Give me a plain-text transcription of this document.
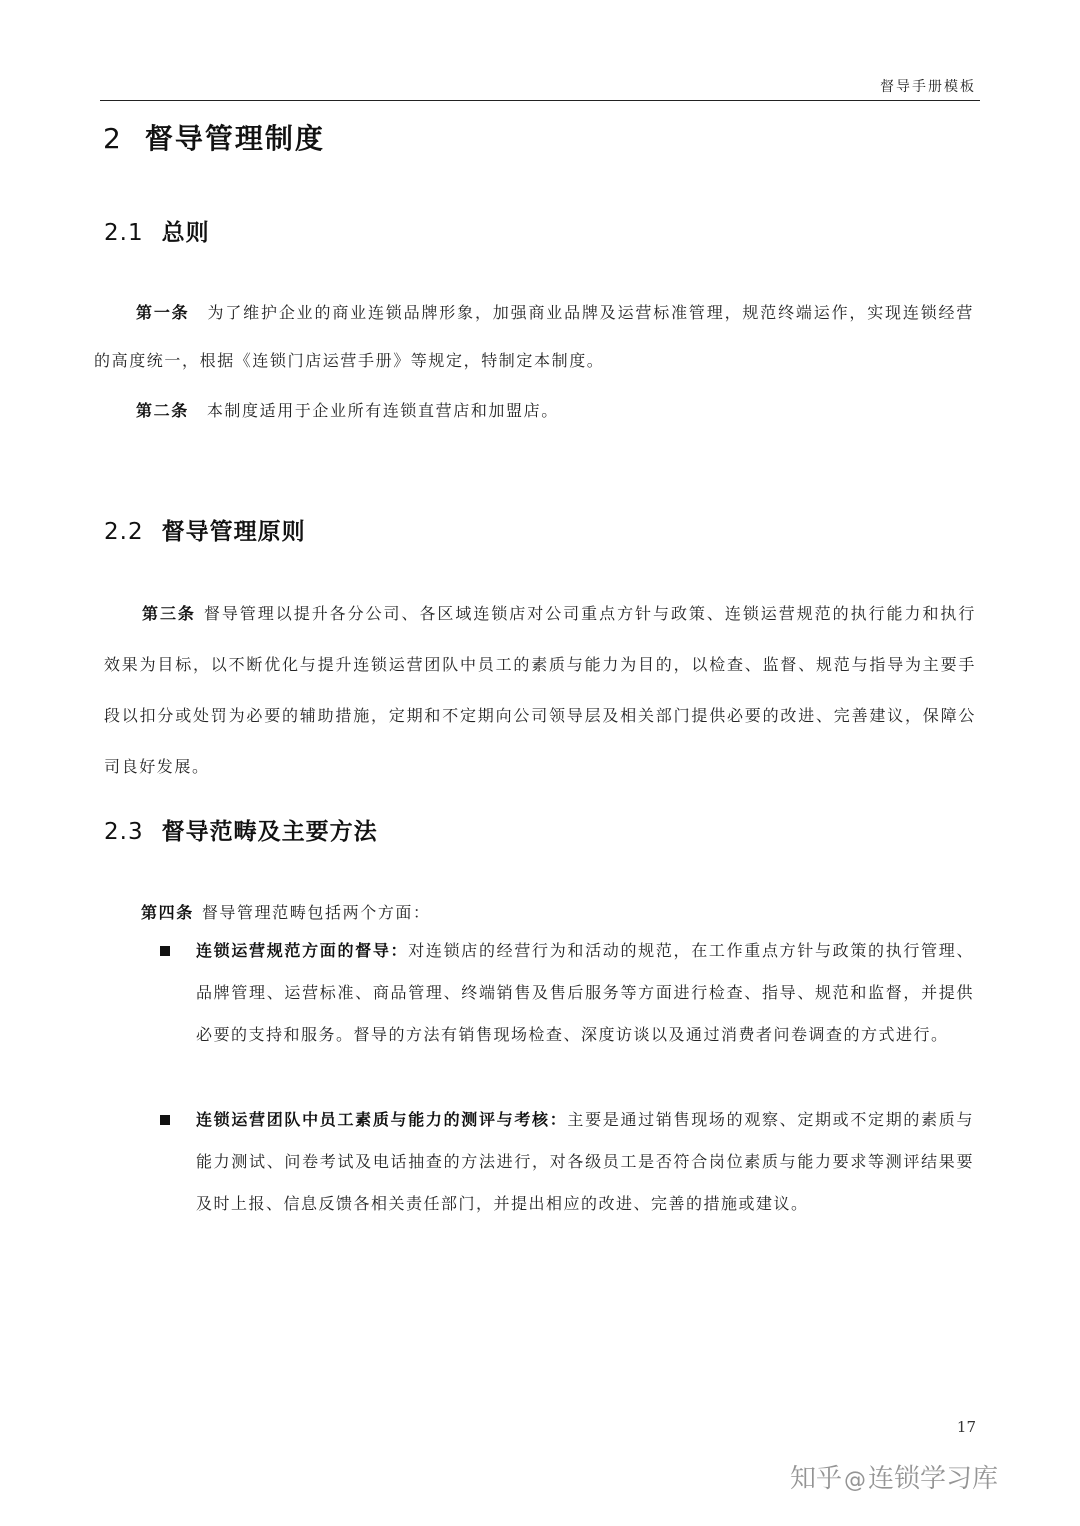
督导手册模板
2 督导管理制度
2.1 总则
第一条 为了维护企业的商业连锁品牌形象，加强商业品牌及运营标准管理，规范终端运作，实现连锁经营的高度统一，根据《连锁门店运营手册》等规定，特制定本制度。
第二条 本制度适用于企业所有连锁直营店和加盟店。
2.2 督导管理原则
第三条 督导管理以提升各分公司、各区域连锁店对公司重点方针与政策、连锁运营规范的执行能力和执行效果为目标，以不断优化与提升连锁运营团队中员工的素质与能力为目的，以检查、监督、规范与指导为主要手段以扣分或处罚为必要的辅助措施，定期和不定期向公司领导层及相关部门提供必要的改进、完善建议，保障公司良好发展。
2.3 督导范畴及主要方法
第四条 督导管理范畴包括两个方面：
连锁运营规范方面的督导：对连锁店的经营行为和活动的规范，在工作重点方针与政策的执行管理、品牌管理、运营标准、商品管理、终端销售及售后服务等方面进行检查、指导、规范和监督，并提供必要的支持和服务。督导的方法有销售现场检查、深度访谈以及通过消费者问卷调查的方式进行。
连锁运营团队中员工素质与能力的测评与考核：主要是通过销售现场的观察、定期或不定期的素质与能力测试、问卷考试及电话抽查的方法进行，对各级员工是否符合岗位素质与能力要求等测评结果要及时上报、信息反馈各相关责任部门，并提出相应的改进、完善的措施或建议。
17
知乎@连锁学习库
